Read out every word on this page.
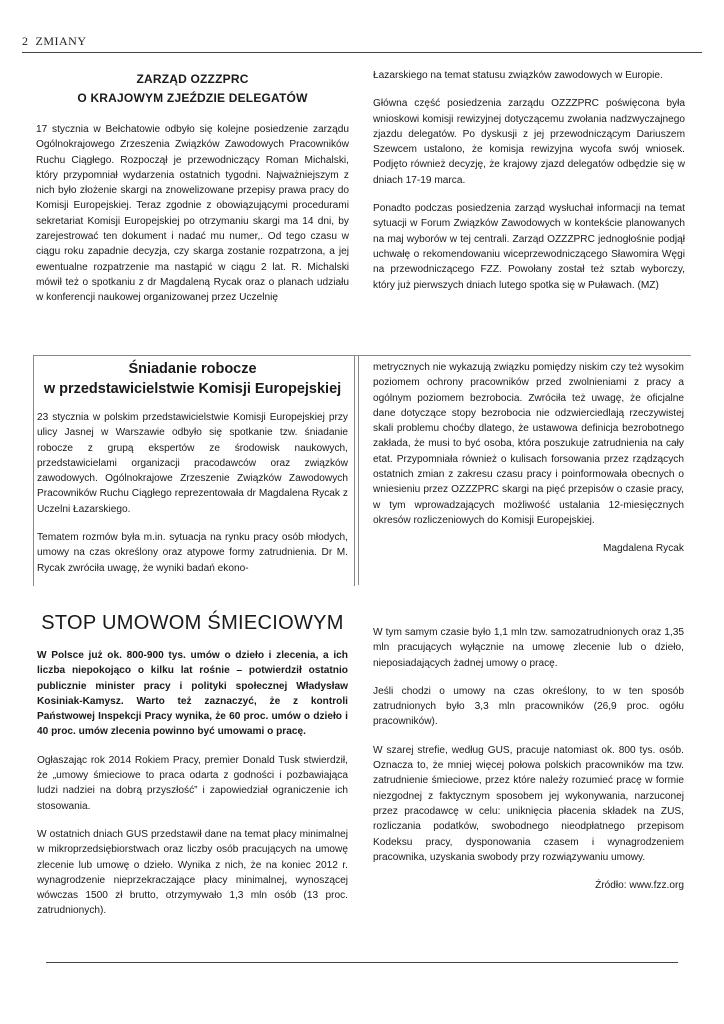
2 ZMIANY
ZARZĄD OZZZPRC
O KRAJOWYM ZJEŹDZIE DELEGATÓW

17 stycznia w Bełchatowie odbyło się kolejne posiedzenie zarządu Ogólnokrajowego Zrzeszenia Związków Zawodowych Pracowników Ruchu Ciągłego. Rozpoczął je przewodniczący Roman Michalski, który przypomniał wydarzenia ostatnich tygodni. Najważniejszym z nich było złożenie skargi na znowelizowane przepisy prawa pracy do Komisji Europejskiej. Teraz zgodnie z obowiązującymi procedurami sekretariat Komisji Europejskiej po otrzymaniu skargi ma 14 dni, by zarejestrować ten dokument i nadać mu numer,. Od tego czasu w ciągu roku zapadnie decyzja, czy skarga zostanie rozpatrzona, a jej ewentualne rozpatrzenie ma nastąpić w ciągu 2 lat. R. Michalski mówił też o spotkaniu z dr Magdaleną Rycak oraz o planach udziału w konferencji naukowej organizowanej przez Uczelnię

Łazarskiego na temat statusu związków zawodowych w Europie.

Główna część posiedzenia zarządu OZZZPRC poświęcona była wnioskowi komisji rewizyjnej dotyczącemu zwołania nadzwyczajnego zjazdu delegatów. Po dyskusji z jej przewodniczącym Dariuszem Szewcem ustalono, że komisja rewizyjna wycofa swój wniosek. Podjęto również decyzję, że krajowy zjazd delegatów odbędzie się w dniach 17-19 marca.

Ponadto podczas posiedzenia zarząd wysłuchał informacji na temat sytuacji w Forum Związków Zawodowych w kontekście planowanych na maj wyborów w tej centrali. Zarząd OZZZPRC jednogłośnie podjął uchwałę o rekomendowaniu wiceprzewodniczącego Sławomira Węgi na przewodniczącego FZZ. Powołany został też sztab wyborczy, który już pierwszych dniach lutego spotka się w Puławach. (MZ)

Śniadanie robocze
w przedstawicielstwie Komisji Europejskiej

23 stycznia w polskim przedstawicielstwie Komisji Europejskiej przy ulicy Jasnej w Warszawie odbyło się spotkanie tzw. śniadanie robocze z grupą ekspertów ze środowisk naukowych, przedstawicielami organizacji pracodawców oraz związków zawodowych. Ogólnokrajowe Zrzeszenie Związków Zawodowych Pracowników Ruchu Ciągłego reprezentowała dr Magdalena Rycak z Uczelni Łazarskiego.

Tematem rozmów była m.in. sytuacja na rynku pracy osób młodych, umowy na czas określony oraz atypowe formy zatrudnienia. Dr M. Rycak zwróciła uwagę, że wyniki badań ekono-

metrycznych nie wykazują związku pomiędzy niskim czy też wysokim poziomem ochrony pracowników przed zwolnieniami z pracy a ogólnym poziomem bezrobocia. Zwróciła też uwagę, że oficjalne dane dotyczące stopy bezrobocia nie odzwierciedlają rzeczywistej skali problemu choćby dlatego, że ustawowa definicja bezrobotnego zakłada, że musi to być osoba, która poszukuje zatrudnienia na cały etat. Przypomniała również o kulisach forsowania przez rządzących ostatnich zmian z zakresu czasu pracy i poinformowała obecnych o wniesieniu przez OZZZPRC skargi na pięć przepisów o czasie pracy, w tym wprowadzających możliwość ustalania 12-miesięcznych okresów rozliczeniowych do Komisji Europejskiej.

Magdalena Rycak

STOP UMOWOM ŚMIECIOWYM

W Polsce już ok. 800-900 tys. umów o dzieło i zlecenia, a ich liczba niepokojąco o kilku lat rośnie – potwierdził ostatnio publicznie minister pracy i polityki społecznej Władysław Kosiniak-Kamysz. Warto też zaznaczyć, że z kontroli Państwowej Inspekcji Pracy wynika, że 60 proc. umów o dzieło i 40 proc. umów zlecenia powinno być umowami o pracę.

Ogłaszając rok 2014 Rokiem Pracy, premier Donald Tusk stwierdził, że „umowy śmieciowe to praca odarta z godności i pozbawiająca ludzi nadziei na dobrą przyszłość” i zapowiedział ograniczenie ich stosowania.

W ostatnich dniach GUS przedstawił dane na temat płacy minimalnej w mikroprzedsiębiorstwach oraz liczby osób pracujących na umowę zlecenie lub umowę o dzieło. Wynika z nich, że na koniec 2012 r. wynagrodzenie nieprzekraczające płacy minimalnej, wynoszącej wówczas 1500 zł brutto, otrzymywało 1,3 mln osób (13 proc. zatrudnionych).

W tym samym czasie było 1,1 mln tzw. samozatrudnionych oraz 1,35 mln pracujących wyłącznie na umowę zlecenie lub o dzieło, nieposiadających żadnej umowy o pracę.

Jeśli chodzi o umowy na czas określony, to w ten sposób zatrudnionych było 3,3 mln pracowników (26,9 proc. ogółu pracowników).

W szarej strefie, według GUS, pracuje natomiast ok. 800 tys. osób. Oznacza to, że mniej więcej połowa polskich pracowników ma tzw. zatrudnienie śmieciowe, przez które należy rozumieć pracę w formie niezgodnej z faktycznym sposobem jej wykonywania, narzuconej przez pracodawcę w celu: uniknięcia płacenia składek na ZUS, rozliczania podatków, swobodnego nieodpłatnego przepisom Kodeksu pracy, dysponowania czasem i wynagrodzeniem pracownika, uzyskania swobody przy rozwiązywaniu umowy.

Źródło: www.fzz.org
